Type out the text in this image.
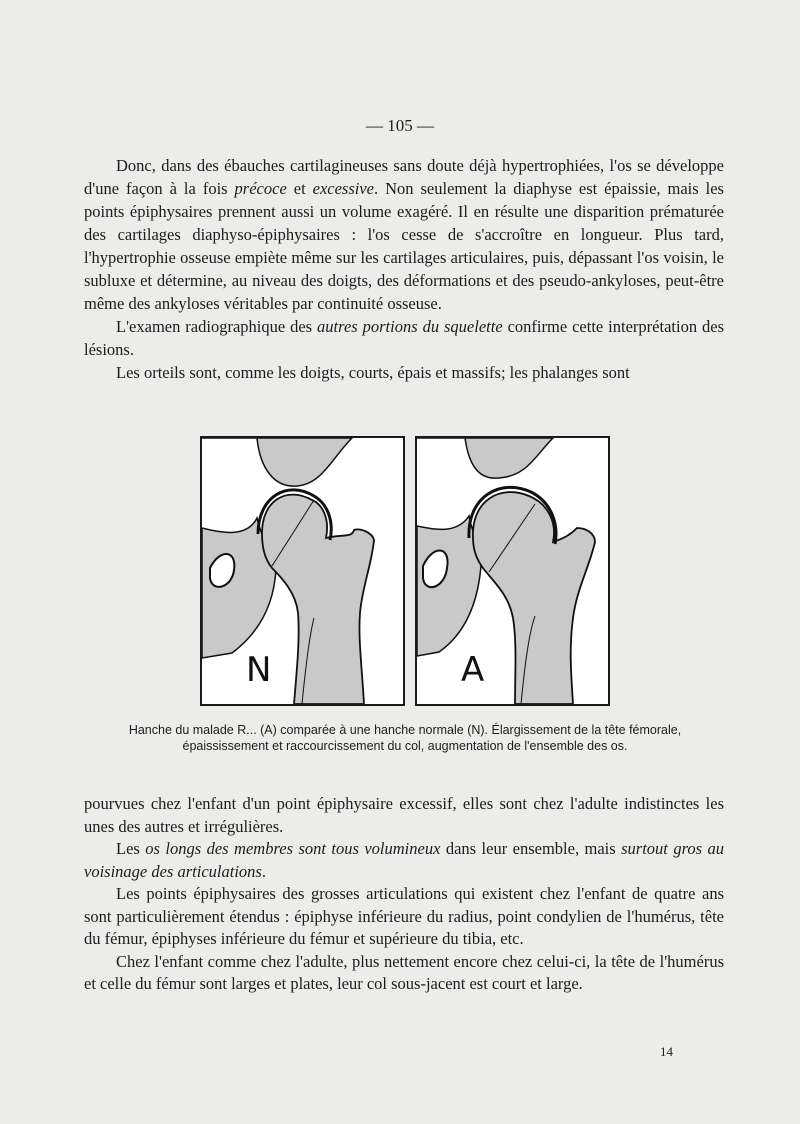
— 105 —

Donc, dans des ébauches cartilagineuses sans doute déjà hypertrophiées, l'os se développe d'une façon à la fois précoce et excessive. Non seulement la diaphyse est épaissie, mais les points épiphysaires prennent aussi un volume exagéré. Il en résulte une disparition prématurée des cartilages diaphyso-épiphysaires : l'os cesse de s'accroître en longueur. Plus tard, l'hypertrophie osseuse empiète même sur les cartilages articulaires, puis, dépassant l'os voisin, le subluxe et détermine, au niveau des doigts, des déformations et des pseudo-ankyloses, peut-être même des ankyloses véritables par continuité osseuse.

L'examen radiographique des autres portions du squelette confirme cette interprétation des lésions.

Les orteils sont, comme les doigts, courts, épais et massifs; les phalanges sont

N	A

Hanche du malade R... (A) comparée à une hanche normale (N). Élargissement de la tête fémorale,

épaississement et raccourcissement du col, augmentation de l'ensemble des os.

pourvues chez l'enfant d'un point épiphysaire excessif, elles sont chez l'adulte indistinctes les unes des autres et irrégulières.

Les os longs des membres sont tous volumineux dans leur ensemble, mais surtout gros au voisinage des articulations.

Les points épiphysaires des grosses articulations qui existent chez l'enfant de quatre ans sont particulièrement étendus : épiphyse inférieure du radius, point condylien de l'humérus, tête du fémur, épiphyses inférieure du fémur et supérieure du tibia, etc.

Chez l'enfant comme chez l'adulte, plus nettement encore chez celui-ci, la tête de l'humérus et celle du fémur sont larges et plates, leur col sous-jacent est court et large.

14
